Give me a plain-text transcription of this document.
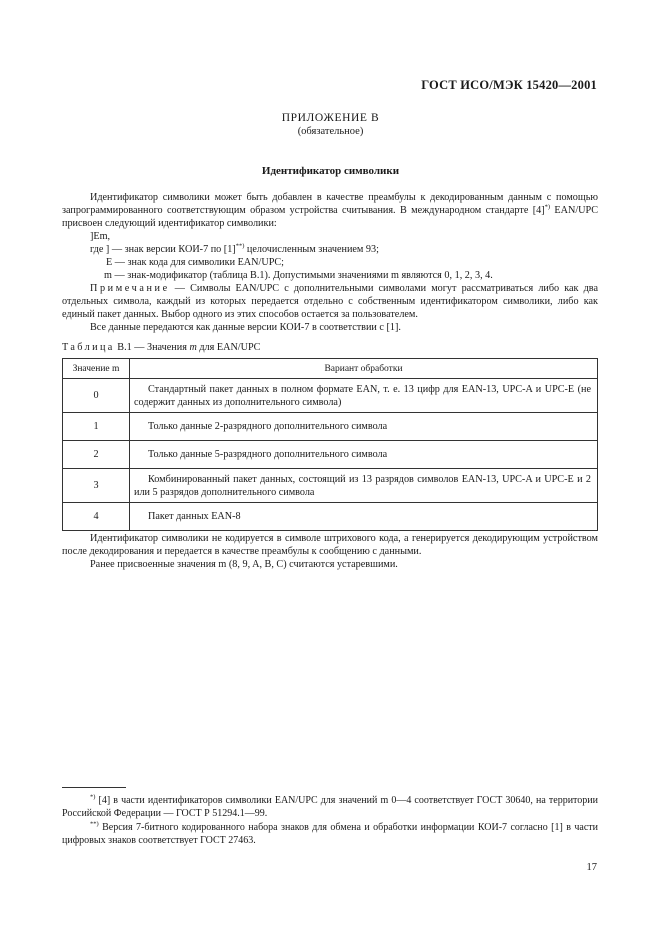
ГОСТ ИСО/МЭК 15420—2001
ПРИЛОЖЕНИЕ В
(обязательное)
Идентификатор символики

Идентификатор символики может быть добавлен в качестве преамбулы к декодированным данным с помощью запрограммированного соответствующим образом устройства считывания. В международном стандарте [4]*) EAN/UPC присвоен следующий идентификатор символики:

]Em,

где ] — знак версии КОИ-7 по [1]**) целочисленным значением 93;

E — знак кода для символики EAN/UPC;

m — знак-модификатор (таблица В.1). Допустимыми значениями m являются 0, 1, 2, 3, 4.

Примечание — Символы EAN/UPC с дополнительными символами могут рассматриваться либо как два отдельных символа, каждый из которых передается отдельно с собственным идентификатором символики, либо как единый пакет данных. Выбор одного из этих способов остается за пользователем.

Все данные передаются как данные версии КОИ-7 в соответствии с [1].

Таблица В.1 — Значения m для EAN/UPC
Значение m	Вариант обработки
0	Стандартный пакет данных в полном формате EAN, т. е. 13 цифр для EAN-13, UPC-A и UPC-E (не содержит данных из дополнительного символа)
1	Только данные 2-разрядного дополнительного символа
2	Только данные 5-разрядного дополнительного символа
3	Комбинированный пакет данных, состоящий из 13 разрядов символов EAN-13, UPC-A и UPC-E и 2 или 5 разрядов дополнительного символа
4	Пакет данных EAN-8

Идентификатор символики не кодируется в символе штрихового кода, а генерируется декодирующим устройством после декодирования и передается в качестве преамбулы к сообщению с данными.

Ранее присвоенные значения m (8, 9, A, B, C) считаются устаревшими.

*) [4] в части идентификаторов символики EAN/UPC для значений m 0—4 соответствует ГОСТ 30640, на территории Российской Федерации — ГОСТ Р 51294.1—99.

**) Версия 7-битного кодированного набора знаков для обмена и обработки информации КОИ-7 согласно [1] в части цифровых знаков соответствует ГОСТ 27463.

17
